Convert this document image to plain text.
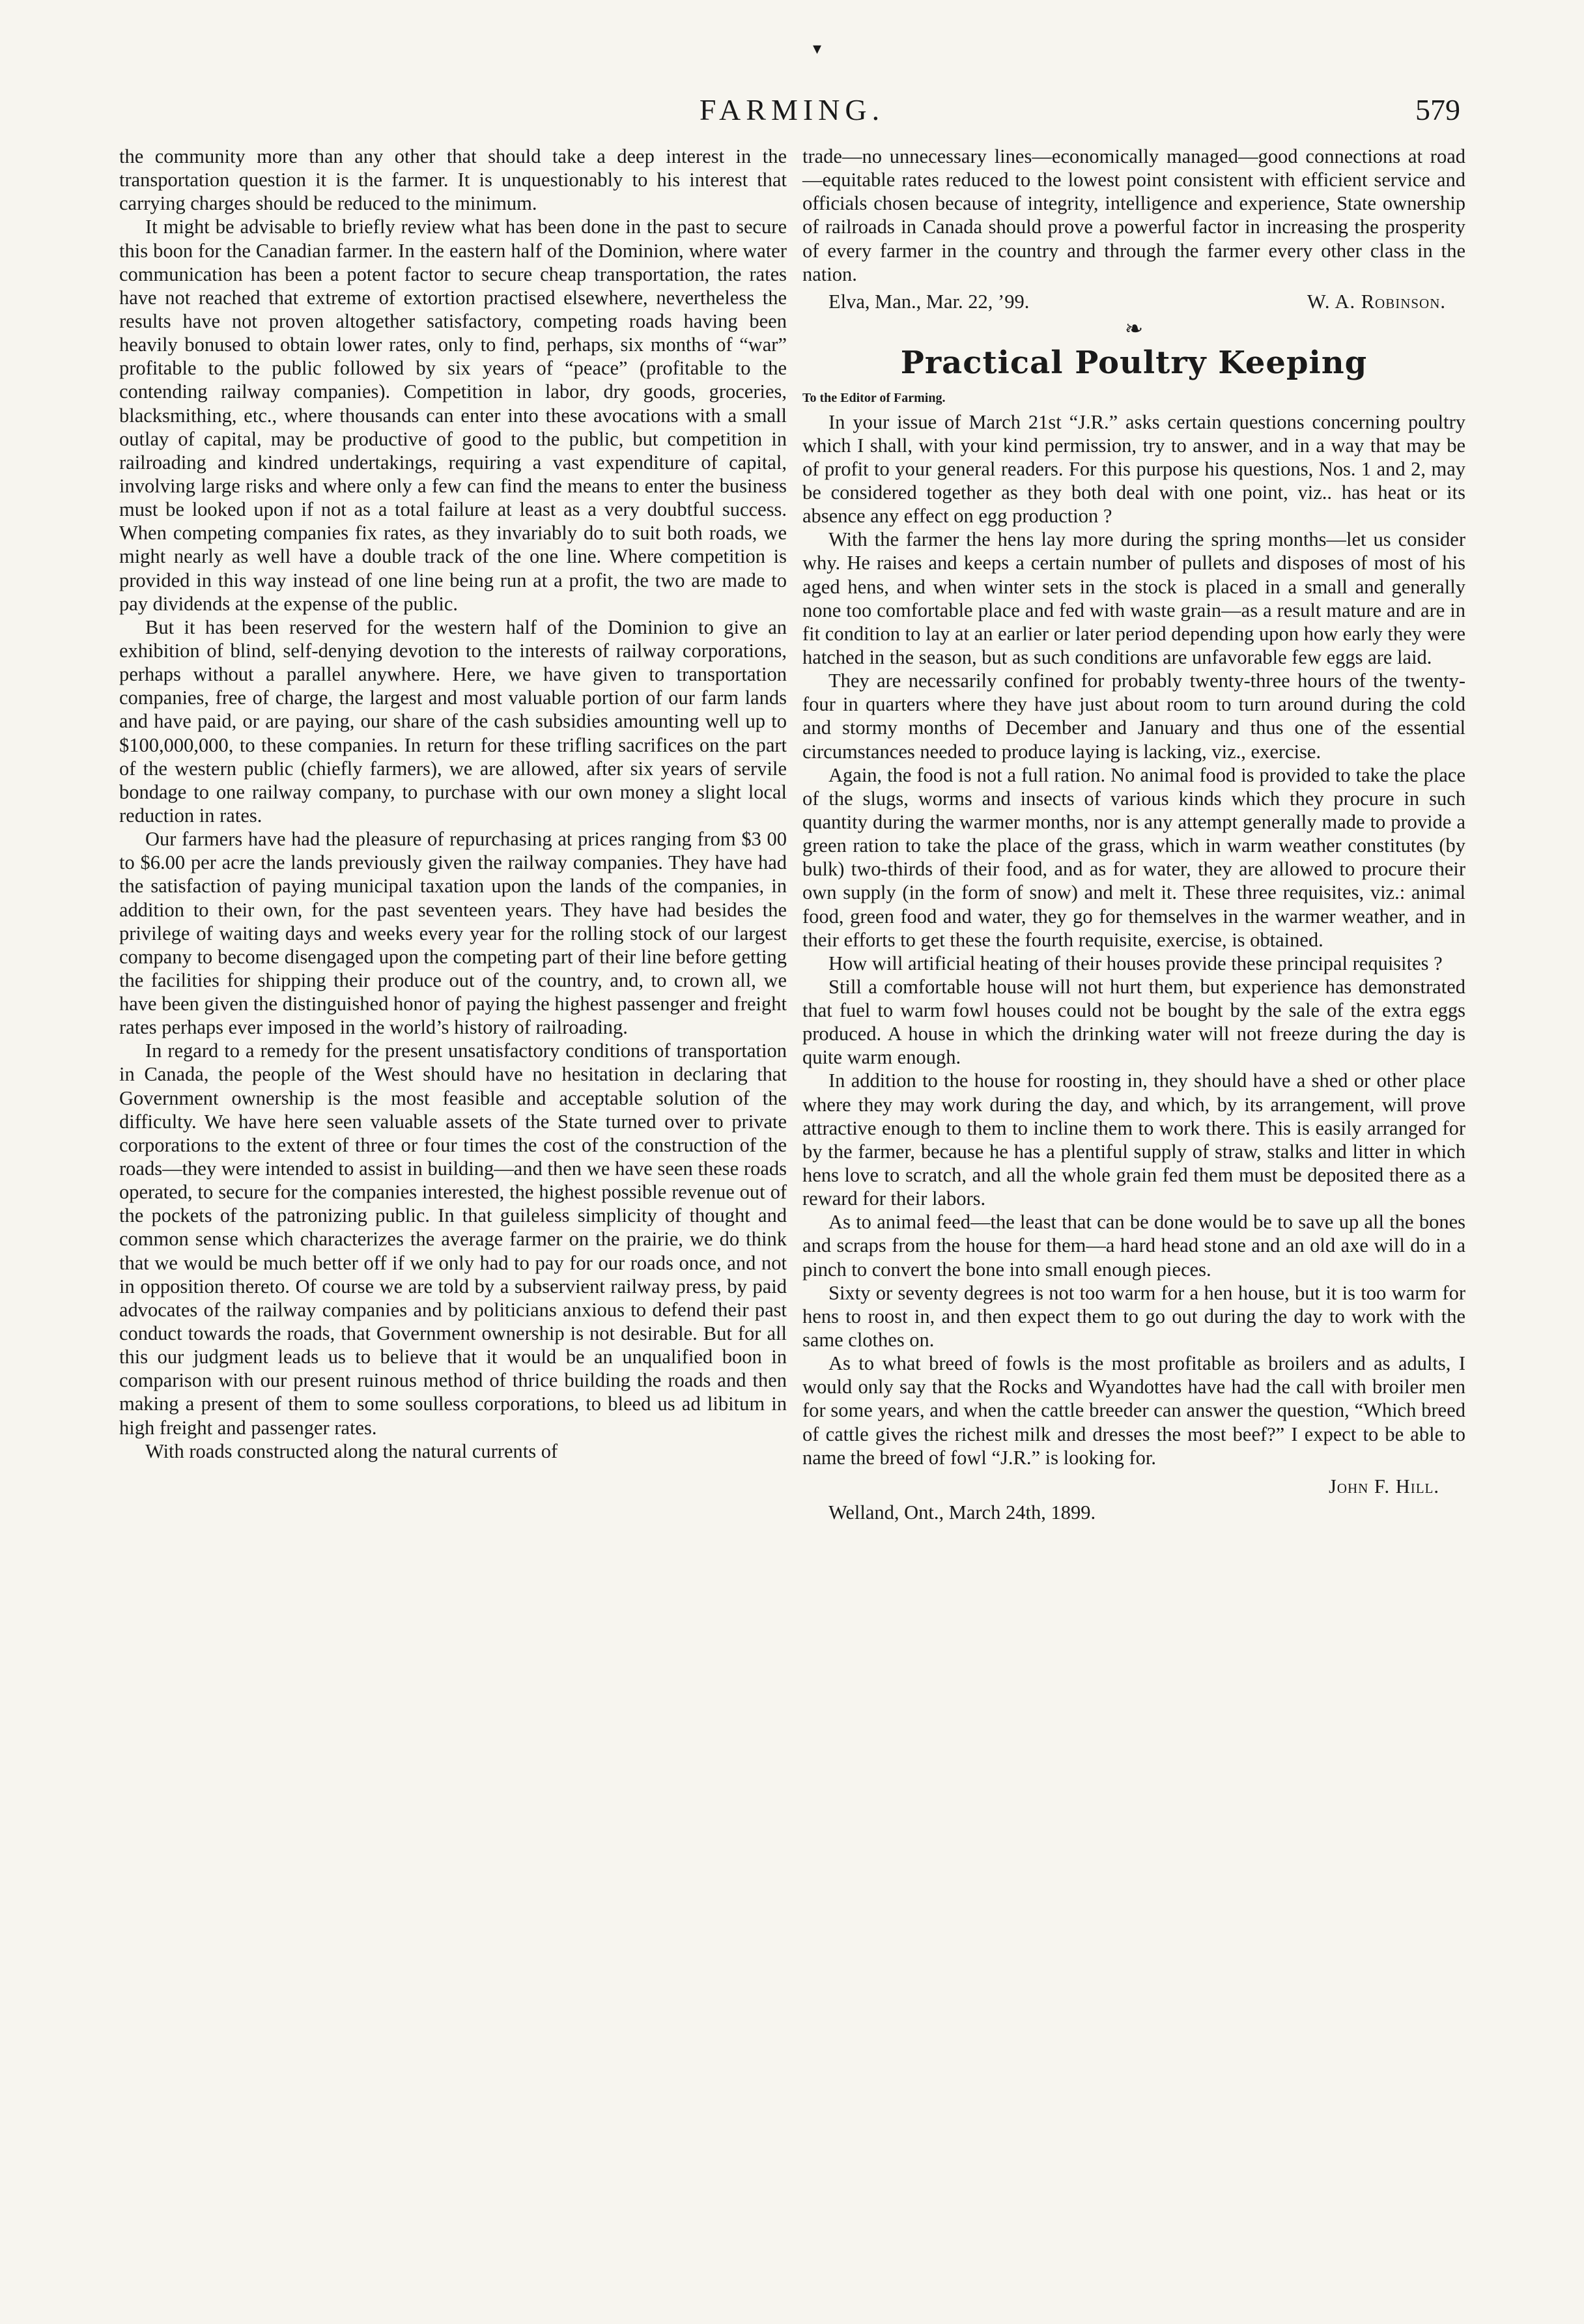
▾
FARMING.	579

the community more than any other that should take a deep interest in the transportation question it is the farmer. It is unquestionably to his interest that carrying charges should be reduced to the minimum.

It might be advisable to briefly review what has been done in the past to secure this boon for the Canadian farmer. In the eastern half of the Dominion, where water communication has been a potent factor to secure cheap transportation, the rates have not reached that extreme of extortion practised elsewhere, nevertheless the results have not proven altogether satisfactory, competing roads having been heavily bonused to obtain lower rates, only to find, perhaps, six months of “war” profitable to the public followed by six years of “peace” (profitable to the contending railway companies). Competition in labor, dry goods, groceries, blacksmithing, etc., where thousands can enter into these avocations with a small outlay of capital, may be productive of good to the public, but competition in railroading and kindred undertakings, requiring a vast expenditure of capital, involving large risks and where only a few can find the means to enter the business must be looked upon if not as a total failure at least as a very doubtful success. When competing companies fix rates, as they invariably do to suit both roads, we might nearly as well have a double track of the one line. Where competition is provided in this way instead of one line being run at a profit, the two are made to pay dividends at the expense of the public.

But it has been reserved for the western half of the Dominion to give an exhibition of blind, self-denying devotion to the interests of railway corporations, perhaps without a parallel anywhere. Here, we have given to transportation companies, free of charge, the largest and most valuable portion of our farm lands and have paid, or are paying, our share of the cash subsidies amounting well up to $100,000,000, to these companies. In return for these trifling sacrifices on the part of the western public (chiefly farmers), we are allowed, after six years of servile bondage to one railway company, to purchase with our own money a slight local reduction in rates.

Our farmers have had the pleasure of repurchasing at prices ranging from $3 00 to $6.00 per acre the lands previously given the railway companies. They have had the satisfaction of paying municipal taxation upon the lands of the companies, in addition to their own, for the past seventeen years. They have had besides the privilege of waiting days and weeks every year for the rolling stock of our largest company to become disengaged upon the competing part of their line before getting the facilities for shipping their produce out of the country, and, to crown all, we have been given the distinguished honor of paying the highest passenger and freight rates perhaps ever imposed in the world’s history of railroading.

In regard to a remedy for the present unsatisfactory conditions of transportation in Canada, the people of the West should have no hesitation in declaring that Government ownership is the most feasible and acceptable solution of the difficulty. We have here seen valuable assets of the State turned over to private corporations to the extent of three or four times the cost of the construction of the roads—they were intended to assist in building—and then we have seen these roads operated, to secure for the companies interested, the highest possible revenue out of the pockets of the patronizing public. In that guileless simplicity of thought and common sense which characterizes the average farmer on the prairie, we do think that we would be much better off if we only had to pay for our roads once, and not in opposition thereto. Of course we are told by a subservient railway press, by paid advocates of the railway companies and by politicians anxious to defend their past conduct towards the roads, that Government ownership is not desirable. But for all this our judgment leads us to believe that it would be an unqualified boon in comparison with our present ruinous method of thrice building the roads and then making a present of them to some soulless corporations, to bleed us ad libitum in high freight and passenger rates.

With roads constructed along the natural currents of

trade—no unnecessary lines—economically managed—good connections at road—equitable rates reduced to the lowest point consistent with efficient service and officials chosen because of integrity, intelligence and experience, State ownership of railroads in Canada should prove a powerful factor in increasing the prosperity of every farmer in the country and through the farmer every other class in the nation.

Elva, Man., Mar. 22, ’99.	W. A. Robinson.
❧
Practical Poultry Keeping
To the Editor of Farming.

In your issue of March 21st “J.R.” asks certain questions concerning poultry which I shall, with your kind permission, try to answer, and in a way that may be of profit to your general readers. For this purpose his questions, Nos. 1 and 2, may be considered together as they both deal with one point, viz.. has heat or its absence any effect on egg production ?

With the farmer the hens lay more during the spring months—let us consider why. He raises and keeps a certain number of pullets and disposes of most of his aged hens, and when winter sets in the stock is placed in a small and generally none too comfortable place and fed with waste grain—as a result mature and are in fit condition to lay at an earlier or later period depending upon how early they were hatched in the season, but as such conditions are unfavorable few eggs are laid.

They are necessarily confined for probably twenty-three hours of the twenty-four in quarters where they have just about room to turn around during the cold and stormy months of December and January and thus one of the essential circumstances needed to produce laying is lacking, viz., exercise.

Again, the food is not a full ration. No animal food is provided to take the place of the slugs, worms and insects of various kinds which they procure in such quantity during the warmer months, nor is any attempt generally made to provide a green ration to take the place of the grass, which in warm weather constitutes (by bulk) two-thirds of their food, and as for water, they are allowed to procure their own supply (in the form of snow) and melt it. These three requisites, viz.: animal food, green food and water, they go for themselves in the warmer weather, and in their efforts to get these the fourth requisite, exercise, is obtained.

How will artificial heating of their houses provide these principal requisites ?

Still a comfortable house will not hurt them, but experience has demonstrated that fuel to warm fowl houses could not be bought by the sale of the extra eggs produced. A house in which the drinking water will not freeze during the day is quite warm enough.

In addition to the house for roosting in, they should have a shed or other place where they may work during the day, and which, by its arrangement, will prove attractive enough to them to incline them to work there. This is easily arranged for by the farmer, because he has a plentiful supply of straw, stalks and litter in which hens love to scratch, and all the whole grain fed them must be deposited there as a reward for their labors.

As to animal feed—the least that can be done would be to save up all the bones and scraps from the house for them—a hard head stone and an old axe will do in a pinch to convert the bone into small enough pieces.

Sixty or seventy degrees is not too warm for a hen house, but it is too warm for hens to roost in, and then expect them to go out during the day to work with the same clothes on.

As to what breed of fowls is the most profitable as broilers and as adults, I would only say that the Rocks and Wyandottes have had the call with broiler men for some years, and when the cattle breeder can answer the question, “Which breed of cattle gives the richest milk and dresses the most beef?” I expect to be able to name the breed of fowl “J.R.” is looking for.

John F. Hill.
Welland, Ont., March 24th, 1899.
